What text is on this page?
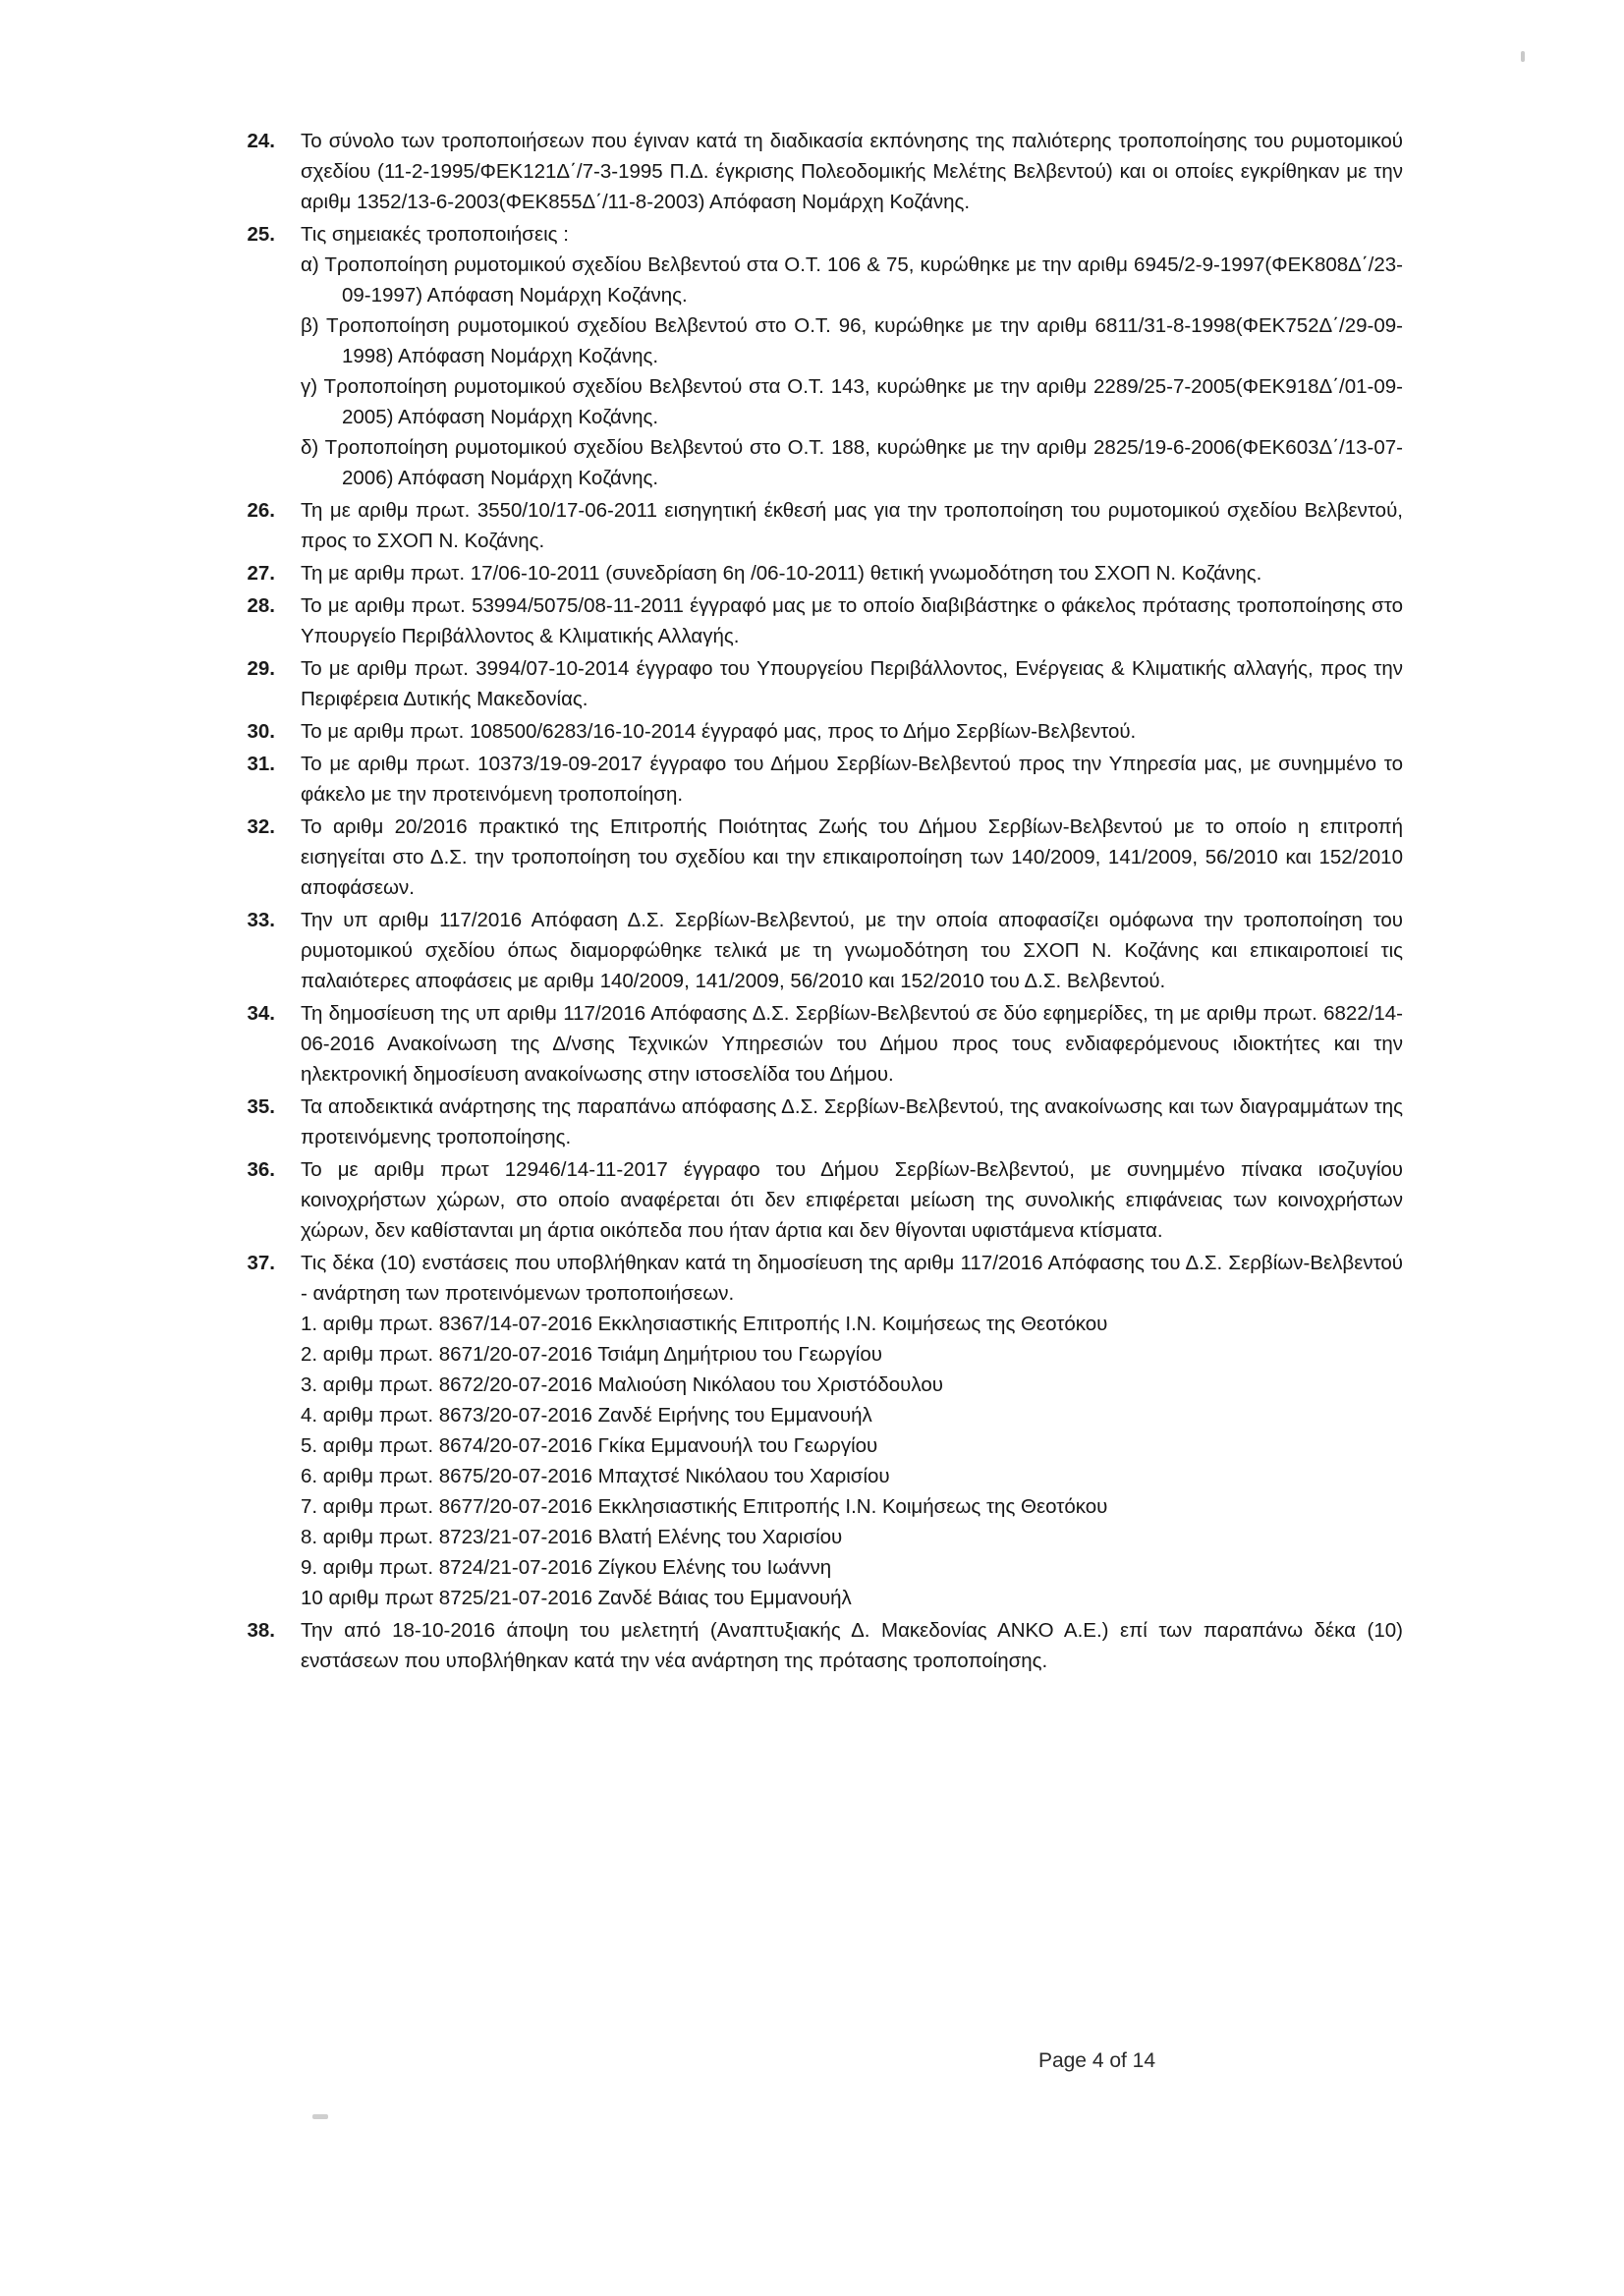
24.	Το σύνολο των τροποποιήσεων που έγιναν κατά τη διαδικασία εκπόνησης της παλιότερης τροποποίησης του ρυμοτομικού σχεδίου (11-2-1995/ΦΕΚ121Δ΄/7-3-1995 Π.Δ. έγκρισης Πολεοδομικής Μελέτης Βελβεντού) και οι οποίες εγκρίθηκαν με την αριθμ 1352/13-6-2003(ΦΕΚ855Δ΄/11-8-2003) Απόφαση Νομάρχη Κοζάνης.
25.	Τις σημειακές τροποποιήσεις :
α) Τροποποίηση ρυμοτομικού σχεδίου Βελβεντού στα Ο.Τ. 106 & 75, κυρώθηκε με την αριθμ 6945/2-9-1997(ΦΕΚ808Δ΄/23-09-1997) Απόφαση Νομάρχη Κοζάνης.
β) Τροποποίηση ρυμοτομικού σχεδίου Βελβεντού στο Ο.Τ. 96, κυρώθηκε με την αριθμ 6811/31-8-1998(ΦΕΚ752Δ΄/29-09-1998) Απόφαση Νομάρχη Κοζάνης.
γ) Τροποποίηση ρυμοτομικού σχεδίου Βελβεντού στα Ο.Τ. 143, κυρώθηκε με την αριθμ 2289/25-7-2005(ΦΕΚ918Δ΄/01-09-2005) Απόφαση Νομάρχη Κοζάνης.
δ) Τροποποίηση ρυμοτομικού σχεδίου Βελβεντού στο Ο.Τ. 188, κυρώθηκε με την αριθμ 2825/19-6-2006(ΦΕΚ603Δ΄/13-07-2006) Απόφαση Νομάρχη Κοζάνης.
26.	Τη με αριθμ πρωτ. 3550/10/17-06-2011 εισηγητική έκθεσή μας για την τροποποίηση του ρυμοτομικού σχεδίου Βελβεντού, προς το ΣΧΟΠ Ν. Κοζάνης.
27.	Τη με αριθμ πρωτ. 17/06-10-2011 (συνεδρίαση 6η /06-10-2011) θετική γνωμοδότηση του ΣΧΟΠ Ν. Κοζάνης.
28.	Το με αριθμ πρωτ. 53994/5075/08-11-2011 έγγραφό μας με το οποίο διαβιβάστηκε ο φάκελος πρότασης τροποποίησης στο Υπουργείο Περιβάλλοντος & Κλιματικής Αλλαγής.
29.	Το με αριθμ πρωτ. 3994/07-10-2014 έγγραφο του Υπουργείου Περιβάλλοντος, Ενέργειας & Κλιματικής αλλαγής, προς την Περιφέρεια Δυτικής Μακεδονίας.
30.	Το με αριθμ πρωτ. 108500/6283/16-10-2014 έγγραφό μας, προς το Δήμο Σερβίων-Βελβεντού.
31.	Το με αριθμ πρωτ. 10373/19-09-2017 έγγραφο του Δήμου Σερβίων-Βελβεντού προς την Υπηρεσία μας, με συνημμένο το φάκελο με την προτεινόμενη τροποποίηση.
32.	Το αριθμ 20/2016 πρακτικό της Επιτροπής Ποιότητας Ζωής του Δήμου Σερβίων-Βελβεντού με το οποίο η επιτροπή εισηγείται στο Δ.Σ. την τροποποίηση του σχεδίου και την επικαιροποίηση των 140/2009, 141/2009, 56/2010 και 152/2010 αποφάσεων.
33.	Την υπ αριθμ 117/2016 Απόφαση Δ.Σ. Σερβίων-Βελβεντού, με την οποία αποφασίζει ομόφωνα την τροποποίηση του ρυμοτομικού σχεδίου όπως διαμορφώθηκε τελικά με τη γνωμοδότηση του ΣΧΟΠ Ν. Κοζάνης και επικαιροποιεί τις παλαιότερες αποφάσεις με αριθμ 140/2009, 141/2009, 56/2010 και 152/2010 του Δ.Σ. Βελβεντού.
34.	Τη δημοσίευση της υπ αριθμ 117/2016 Απόφασης Δ.Σ. Σερβίων-Βελβεντού σε δύο εφημερίδες, τη με αριθμ πρωτ. 6822/14-06-2016 Ανακοίνωση της Δ/νσης Τεχνικών Υπηρεσιών του Δήμου προς τους ενδιαφερόμενους ιδιοκτήτες και την ηλεκτρονική δημοσίευση ανακοίνωσης στην ιστοσελίδα του Δήμου.
35.	Τα αποδεικτικά ανάρτησης της παραπάνω απόφασης Δ.Σ. Σερβίων-Βελβεντού, της ανακοίνωσης και των διαγραμμάτων της προτεινόμενης τροποποίησης.
36.	Το με αριθμ πρωτ 12946/14-11-2017 έγγραφο του Δήμου Σερβίων-Βελβεντού, με συνημμένο πίνακα ισοζυγίου κοινοχρήστων χώρων, στο οποίο αναφέρεται ότι δεν επιφέρεται μείωση της συνολικής επιφάνειας των κοινοχρήστων χώρων, δεν καθίστανται μη άρτια οικόπεδα που ήταν άρτια και δεν θίγονται υφιστάμενα κτίσματα.
37.	Τις δέκα (10) ενστάσεις που υποβλήθηκαν κατά τη δημοσίευση της αριθμ 117/2016 Απόφασης του Δ.Σ. Σερβίων-Βελβεντού - ανάρτηση των προτεινόμενων τροποποιήσεων.
1. αριθμ πρωτ. 8367/14-07-2016 Εκκλησιαστικής Επιτροπής Ι.Ν. Κοιμήσεως της Θεοτόκου
2. αριθμ πρωτ. 8671/20-07-2016 Τσιάμη Δημήτριου του Γεωργίου
3. αριθμ πρωτ. 8672/20-07-2016 Μαλιούση Νικόλαου του Χριστόδουλου
4. αριθμ πρωτ. 8673/20-07-2016 Ζανδέ Ειρήνης του Εμμανουήλ
5. αριθμ πρωτ. 8674/20-07-2016 Γκίκα Εμμανουήλ του Γεωργίου
6. αριθμ πρωτ. 8675/20-07-2016 Μπαχτσέ Νικόλαου του Χαρισίου
7. αριθμ πρωτ. 8677/20-07-2016 Εκκλησιαστικής Επιτροπής Ι.Ν. Κοιμήσεως της Θεοτόκου
8. αριθμ πρωτ. 8723/21-07-2016 Βλατή Ελένης του Χαρισίου
9. αριθμ πρωτ. 8724/21-07-2016 Ζίγκου Ελένης του Ιωάννη
10 αριθμ πρωτ 8725/21-07-2016 Ζανδέ Βάιας του Εμμανουήλ
38.	Την από 18-10-2016 άποψη του μελετητή (Αναπτυξιακής Δ. Μακεδονίας ΑΝΚΟ Α.Ε.) επί των παραπάνω δέκα (10) ενστάσεων που υποβλήθηκαν κατά την νέα ανάρτηση της πρότασης τροποποίησης.
Page 4 of 14
